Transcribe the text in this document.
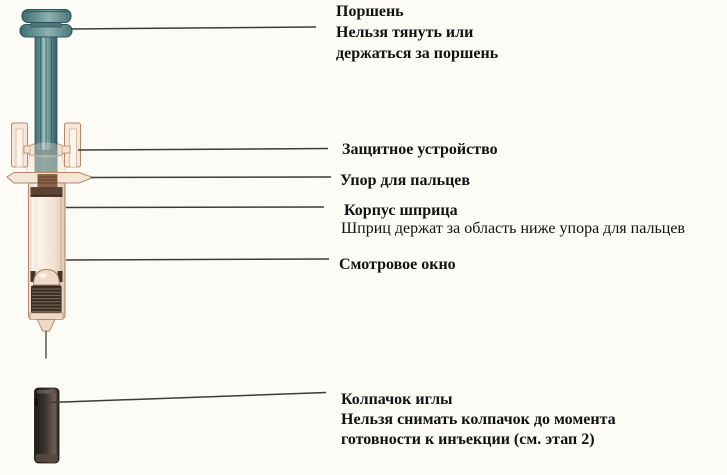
Поршень
Нельзя тянуть или
держаться за поршень
Защитное устройство
Упор для пальцев
Корпус шприца
Шприц держат за область ниже упора для пальцев
Смотровое окно
Колпачок иглы
Нельзя снимать колпачок до момента
готовности к инъекции (см. этап 2)
